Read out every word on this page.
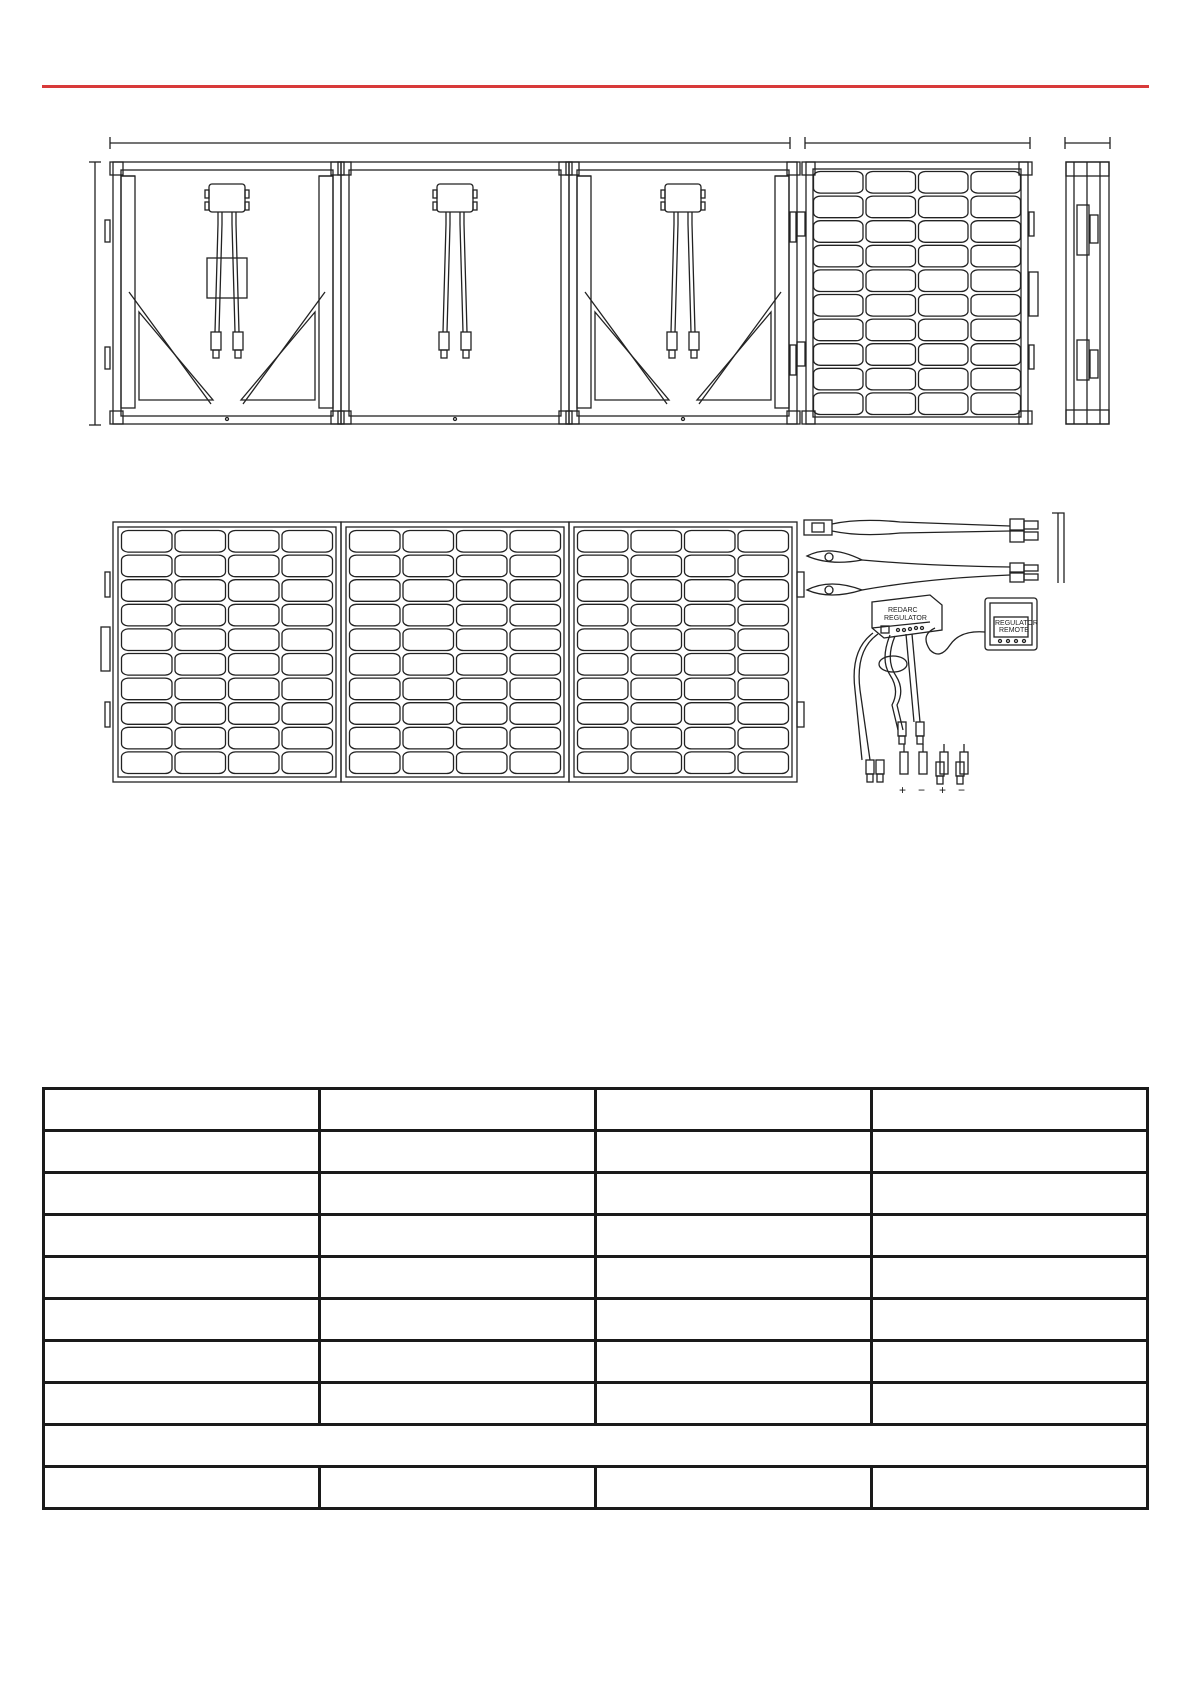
REDARC
REGULATOR
REGULATOR
REMOTE
+ − + −
